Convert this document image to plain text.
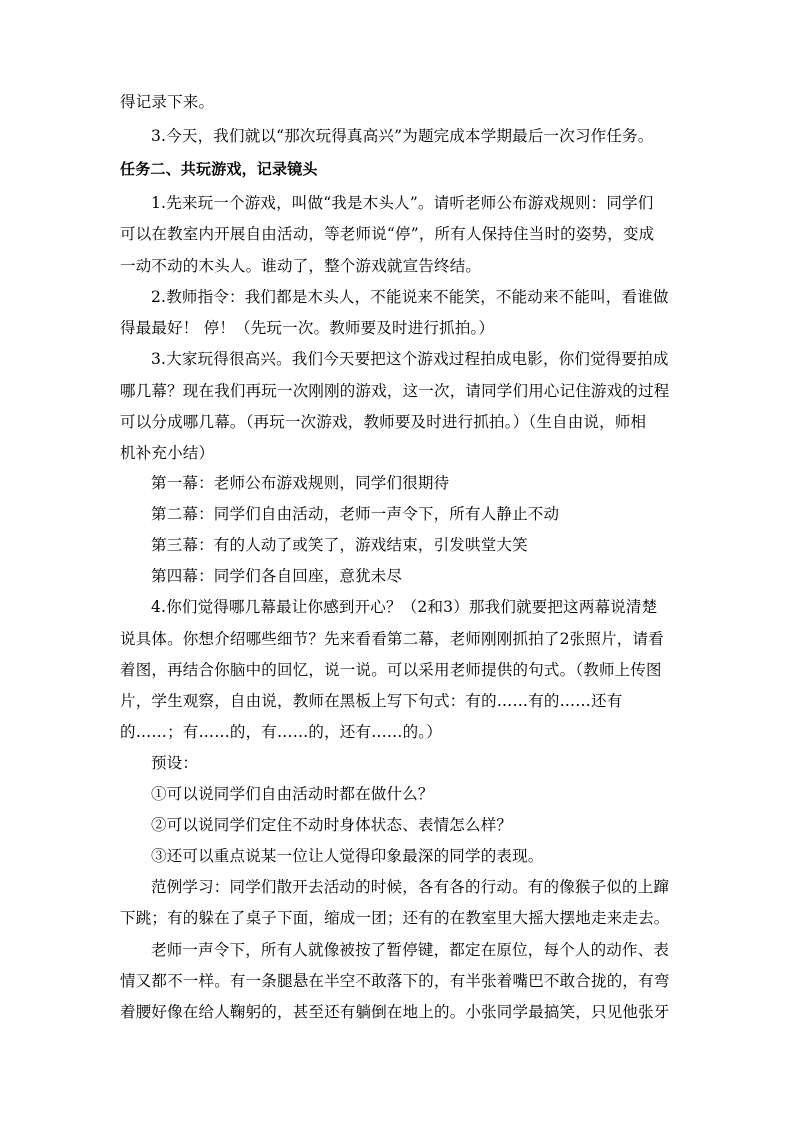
得记录下来。
3.今天，我们就以“那次玩得真高兴”为题完成本学期最后一次习作任务。
任务二、共玩游戏，记录镜头
1.先来玩一个游戏，叫做“我是木头人”。请听老师公布游戏规则：同学们
可以在教室内开展自由活动，等老师说“停”，所有人保持住当时的姿势，变成
一动不动的木头人。谁动了，整个游戏就宣告终结。
2.教师指令：我们都是木头人，不能说来不能笑，不能动来不能叫，看谁做
得最最好！ 停！（先玩一次。教师要及时进行抓拍。）
3.大家玩得很高兴。我们今天要把这个游戏过程拍成电影，你们觉得要拍成
哪几幕？现在我们再玩一次刚刚的游戏，这一次，请同学们用心记住游戏的过程
可以分成哪几幕。（再玩一次游戏，教师要及时进行抓拍。）（生自由说，师相
机补充小结）
第一幕：老师公布游戏规则，同学们很期待
第二幕：同学们自由活动，老师一声令下，所有人静止不动
第三幕：有的人动了或笑了，游戏结束，引发哄堂大笑
第四幕：同学们各自回座，意犹未尽
4.你们觉得哪几幕最让你感到开心？（2和3）那我们就要把这两幕说清楚
说具体。你想介绍哪些细节？先来看看第二幕，老师刚刚抓拍了2张照片，请看
着图，再结合你脑中的回忆，说一说。可以采用老师提供的句式。（教师上传图
片，学生观察，自由说，教师在黑板上写下句式：有的……有的……还有
的……；有……的，有……的，还有……的。）
预设：
①可以说同学们自由活动时都在做什么？
②可以说同学们定住不动时身体状态、表情怎么样？
③还可以重点说某一位让人觉得印象最深的同学的表现。
范例学习：同学们散开去活动的时候，各有各的行动。有的像猴子似的上蹿
下跳；有的躲在了桌子下面，缩成一团；还有的在教室里大摇大摆地走来走去。
老师一声令下，所有人就像被按了暂停键，都定在原位，每个人的动作、表
情又都不一样。有一条腿悬在半空不敢落下的，有半张着嘴巴不敢合拢的，有弯
着腰好像在给人鞠躬的，甚至还有躺倒在地上的。小张同学最搞笑，只见他张牙
